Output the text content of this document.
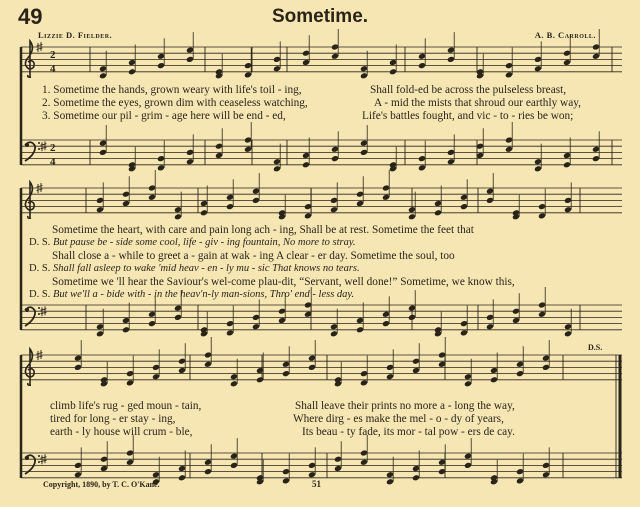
49	Sometime.
Lizzie D. Fielder.	A. B. Carroll.
2
4
2
4
1. Sometime the hands, grown weary with life's toil - ing,	Shall fold-ed be across the pulseless breast,
2. Sometime the eyes, grown dim with ceaseless watching,	A - mid the mists that shroud our earthly way,
3. Sometime our pil - grim - age here will be end - ed,	Life's battles fought, and vic - to - ries be won;
Sometime the heart, with care and pain long ach - ing, Shall be at rest. Sometime the feet that
D. S. But pause be - side some cool, life - giv - ing fountain, No more to stray.
Shall close a - while to greet a - gain at wak - ing A clear - er day. Sometime the soul, too
D. S. Shall fall asleep to wake 'mid heav - en - ly mu - sic That knows no tears.
Sometime we 'll hear the Saviour's wel-come plau-dit, “Servant, well done!” Sometime, we know this,
D. S. But we'll a - bide with - in the heav'n-ly man-sions, Thro' end - less day.
climb life's rug - ged moun - tain,	Shall leave their prints no more a - long the way,
tired for long - er stay - ing,	Where dirg - es make the mel - o - dy of years,
earth - ly house will crum - ble,	Its beau - ty fade, its mor - tal pow - ers de cay.
D.S.
Copyright, 1890, by T. C. O'Kane.	51
